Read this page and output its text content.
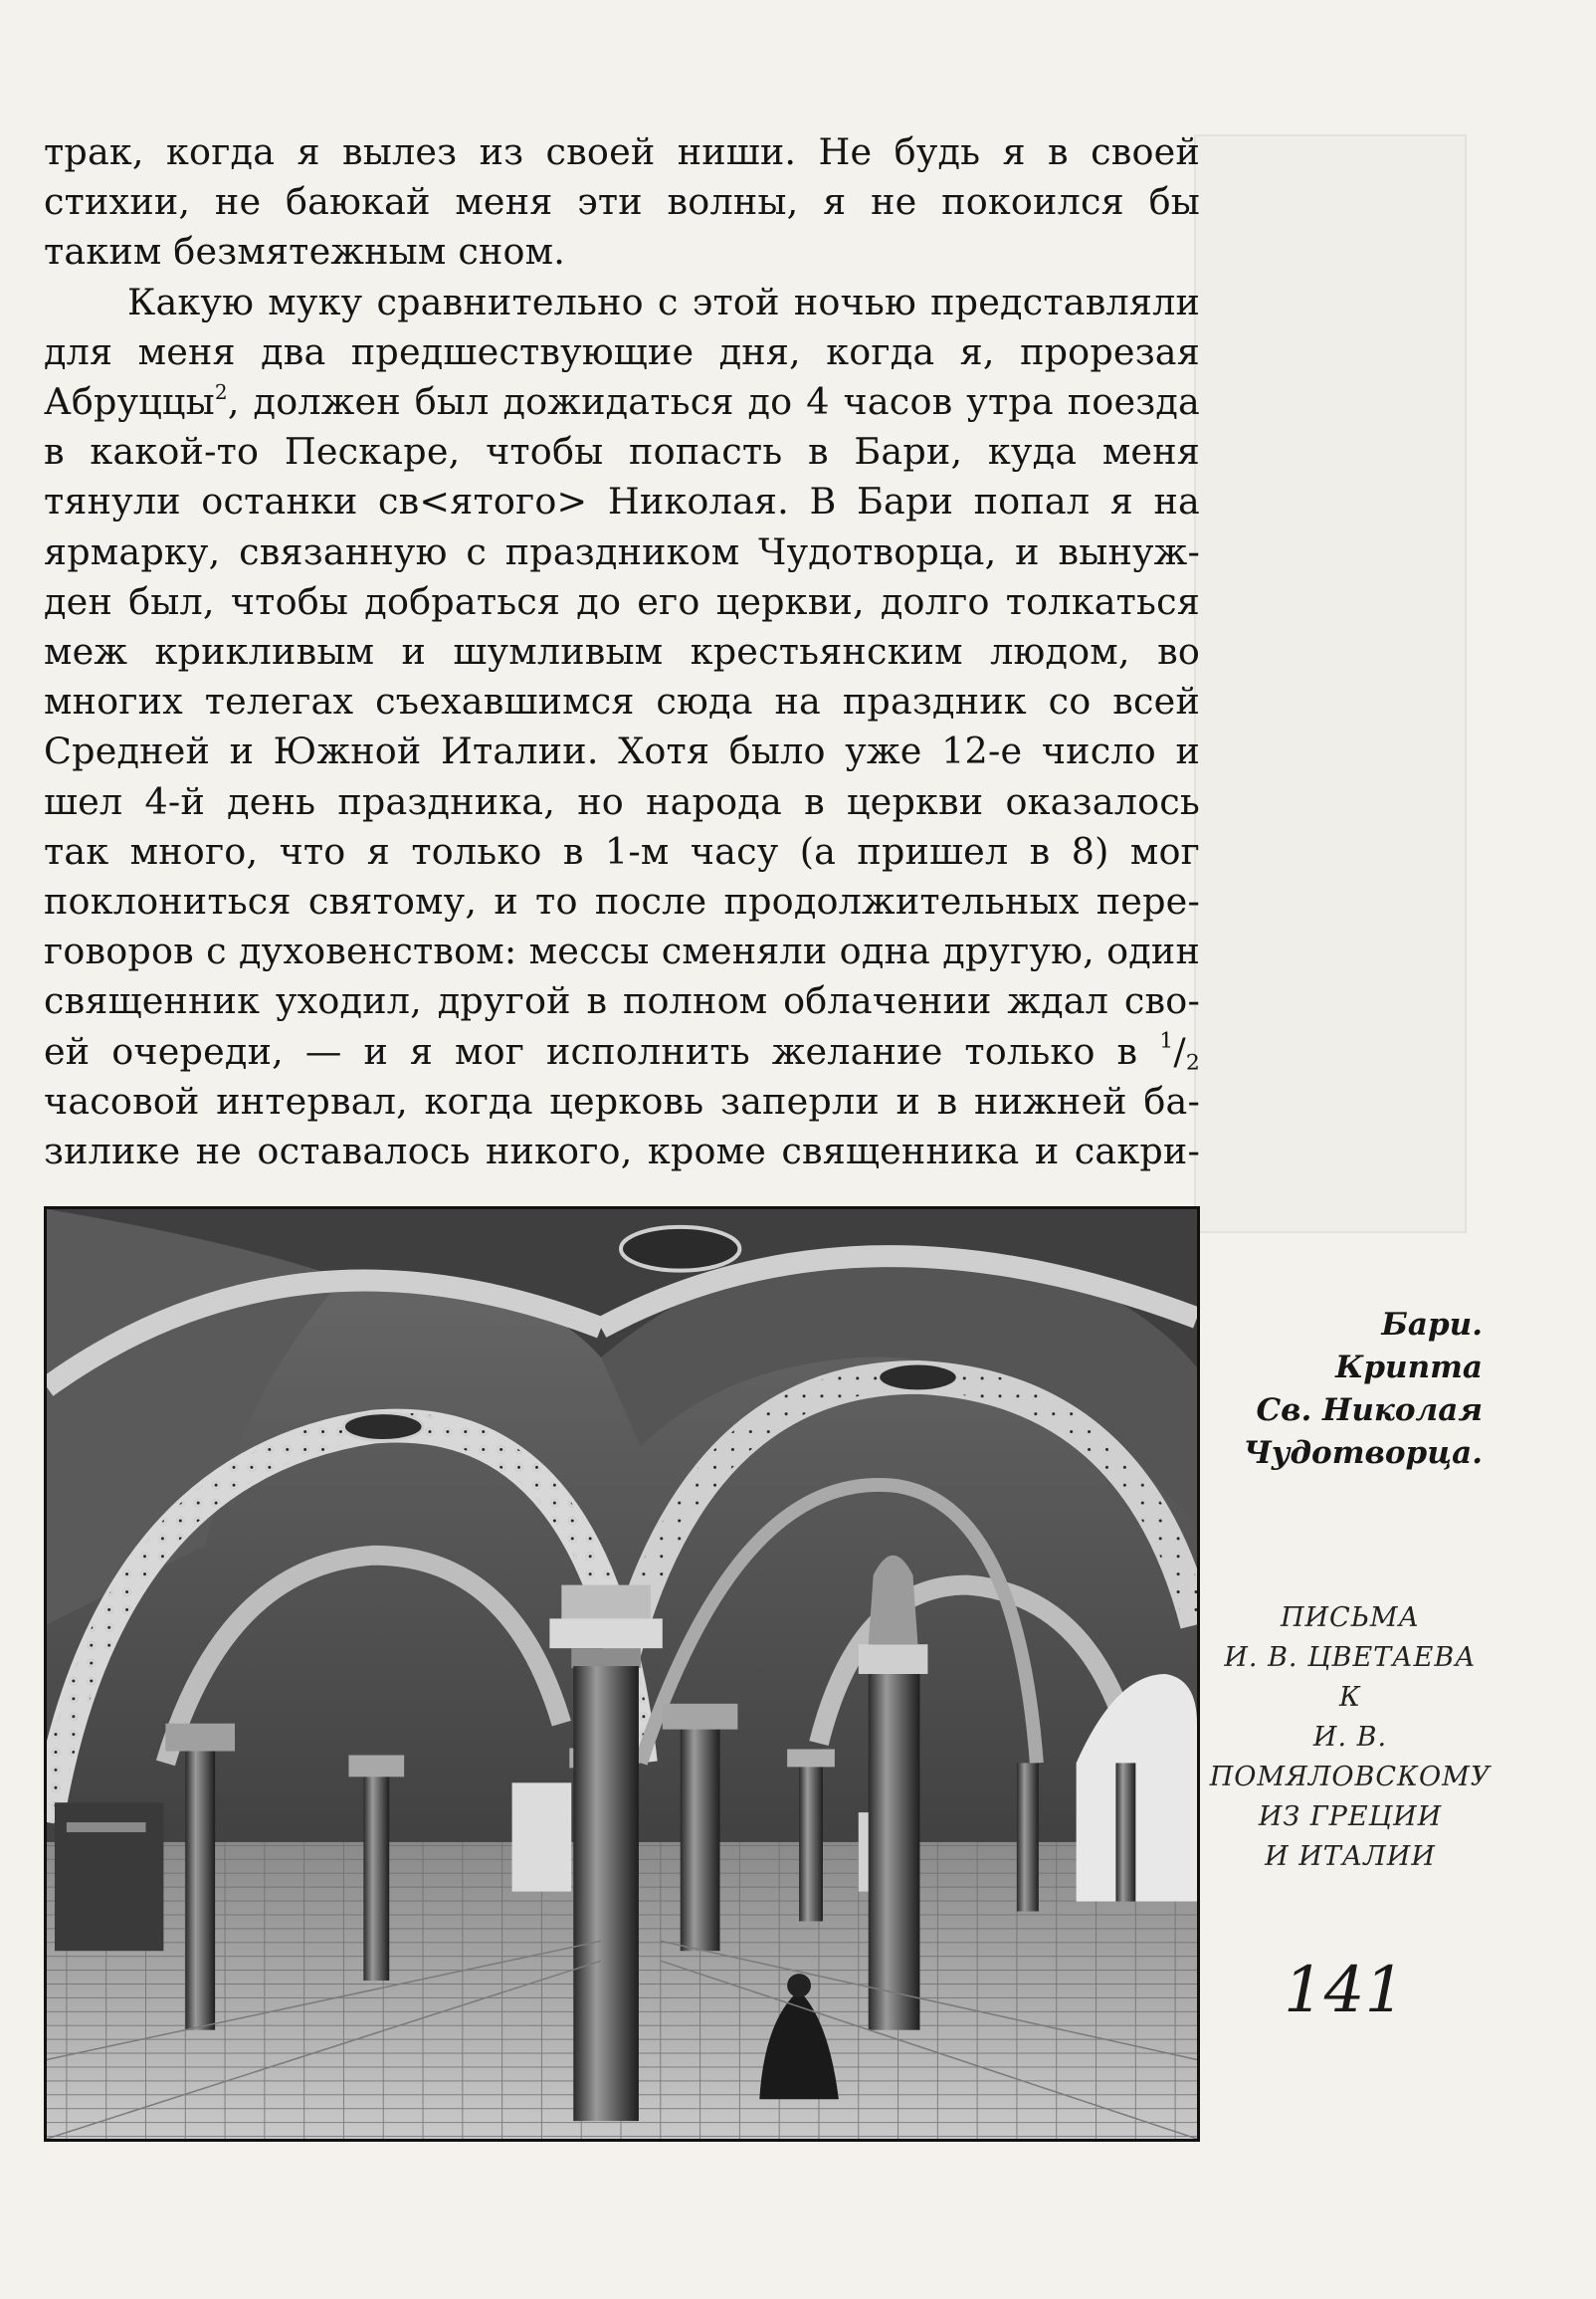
трак, когда я вылез из своей ниши. Не будь я в своей
стихии, не баюкай меня эти волны, я не покоился бы
таким безмятежным сном.
Какую муку сравнительно с этой ночью представляли
для меня два предшествующие дня, когда я, прорезая
Абруццы$^2$, должен был дожидаться до 4 часов утра поезда
в какой-то Пескаре, чтобы попасть в Бари, куда меня
тянули останки св<ятого> Николая. В Бари попал я на
ярмарку, связанную с праздником Чудотворца, и вынуж-
ден был, чтобы добраться до его церкви, долго толкаться
меж крикливым и шумливым крестьянским людом, во
многих телегах съехавшимся сюда на праздник со всей
Средней и Южной Италии. Хотя было уже 12-е число и
шел 4-й день праздника, но народа в церкви оказалось
так много, что я только в 1-м часу (а пришел в 8) мог
поклониться святому, и то после продолжительных пере-
говоров с духовенством: мессы сменяли одна другую, один
священник уходил, другой в полном облачении ждал сво-
ей очереди, — и я мог исполнить желание только в $^1$/2
часовой интервал, когда церковь заперли и в нижней ба-
зилике не оставалось никого, кроме священника и сакри-
Бари.
Крипта
Св. Николая
Чудотворца.
ПИСЬМА
И. В. ЦВЕТАЕВА
К
И. В.
ПОМЯЛОВСКОМУ
ИЗ ГРЕЦИИ
И ИТАЛИИ
141
